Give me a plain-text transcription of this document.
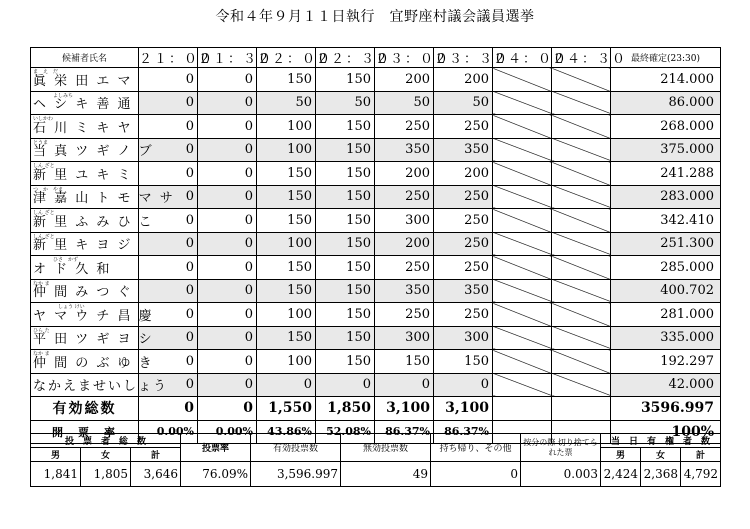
令和４年９月１１日執行　宜野座村議会議員選挙
候補者氏名	２１：００	２１：３０	２２：００	２２：３０	２３：００	２３：３０	２４：００	２４：３０	最終確定(23:30)

ま　え　だ
眞 栄 田 エ マ	0	0	150	150	200	200			214.000

　　　　よしみち
ヘ シ キ 善 通	0	0	50	50	50	50			86.000

いしかわ
石 川 ミ キ ヤ	0	0	100	150	250	250			268.000

とうま
当 真 ツ ギ ノ ブ	0	0	100	150	350	350			375.000

しん ざと
新 里 ユ キ ミ	0	0	150	150	200	200			241.288

つ　か　やま
津 嘉 山 ト モ マ サ	0	0	150	150	250	250			283.000

しん ざと
新 里 ふ み ひ こ	0	0	150	150	300	250			342.410

しん ざと
新 里 キ ヨ ジ	0	0	100	150	200	250			251.300

　　　　ひさ　かず
オ ド 久 和	0	0	150	150	250	250			285.000

なか ま
仲 間 み つ ぐ	0	0	150	150	350	350			400.702

　　　　　しょう けい
ヤ マ ウ チ 昌 慶	0	0	100	150	250	250			281.000

ひら た
平 田 ツ ギ ヨ シ	0	0	150	150	300	300			335.000

なか ま
仲 間 の ぶ ゆ き	0	0	100	150	150	150			192.297

なかえませいしょう	0	0	0	0	0	0			42.000
有効総数	0	0	1,550	1,850	3,100	3,100			3596.997
開　票　率	0.00%	0.00%	43.86%	52.08%	86.37%	86.37%			100%
投　票　者　総　数			投票率	有効投票数	無効投票数	持ち帰り、その他	按分の際 切り捨てられた票	当　日　有　権　者　数		
男	女	計						男	女	計
1,841	1,805	3,646	76.09%	3,596.997	49	0	0.003	2,424	2,368	4,792
